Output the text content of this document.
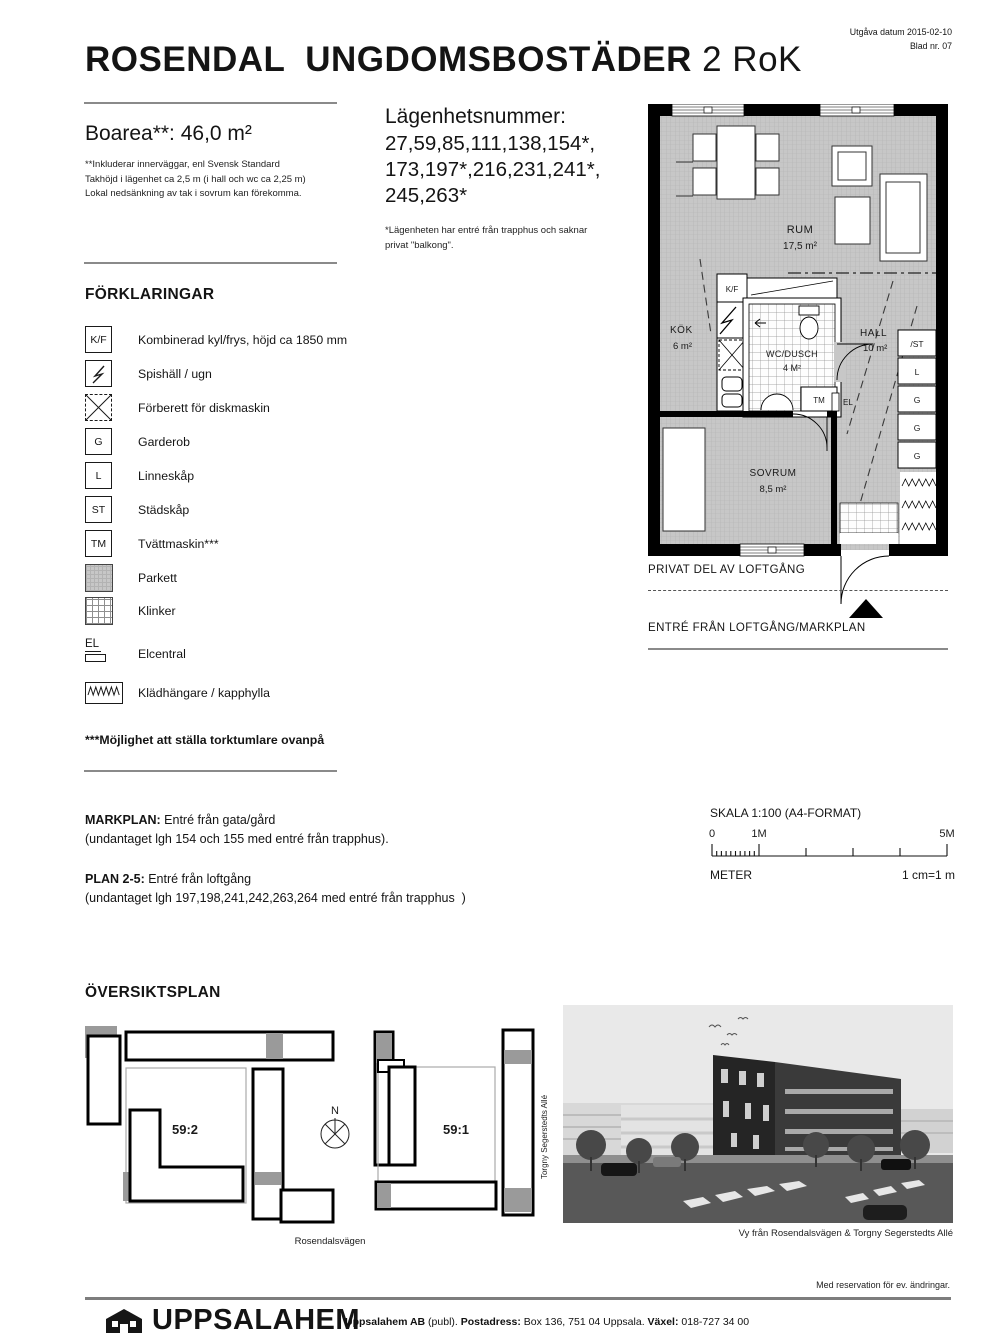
Utgåva datum 2015-02-10
Blad nr. 07
ROSENDAL  UNGDOMSBOSTÄDER 2 RoK
Boarea**: 46,0 m²
**Inkluderar innerväggar, enl Svensk Standard
Takhöjd i lägenhet ca 2,5 m (i hall och wc ca 2,25 m)
Lokal nedsänkning av tak i sovrum kan förekomma.
FÖRKLARINGAR
K/F	Kombinerad kyl/frys, höjd ca 1850 mm
Spishäll / ugn
Förberett för diskmaskin
G	Garderob
L	Linneskåp
ST	Städskåp
TM	Tvättmaskin***
Parkett
Klinker
EL
Elcentral
Klädhängare / kapphylla
***Möjlighet att ställa torktumlare ovanpå
Lägenhetsnummer:
27,59,85,111,138,154*,
173,197*,216,231,241*,
245,263*
*Lägenheten har entré från trapphus och saknar
privat "balkong".
K/F
TM EL
/ST
L
G
G
G
RUM
17,5 m²
KÖK
6 m²
WC/DUSCH
4 M²
HALL
10 m²
SOVRUM
8,5 m²
PRIVAT DEL AV LOFTGÅNG
ENTRÉ FRÅN LOFTGÅNG/MARKPLAN
MARKPLAN: Entré från gata/gård
(undantaget lgh 154 och 155 med entré från trapphus).
PLAN 2-5: Entré från loftgång
(undantaget lgh 197,198,241,242,263,264 med entré från trapphus  )
SKALA 1:100 (A4-FORMAT)
0	1M	5M
METER	1 cm=1 m
ÖVERSIKTSPLAN
59:2
N
59:1
Rosendalsvägen
Torgny Segerstedts Allé
Vy från Rosendalsvägen & Torgny Segerstedts Allé
Med reservation för ev. ändringar.
UPPSALAHEM
Uppsalahem AB (publ). Postadress: Box 136, 751 04 Uppsala. Växel: 018-727 34 00
